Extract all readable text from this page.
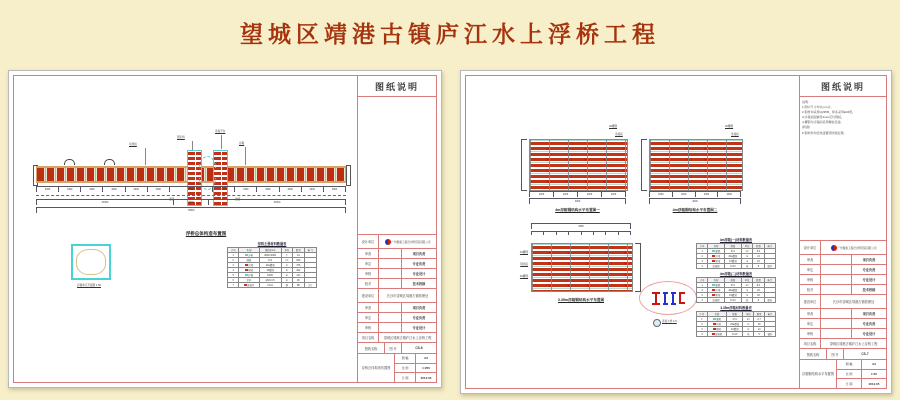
望城区靖港古镇庐江水上浮桥工程
系缆桩
钢引桥
连接平台
浮箱
锚链	锚链
3300	3300	3300	3300	3300	3300	7500	3300	3300	3300	3300	3300	3300
31500	7500	31500
70500
浮桥总体构造布置图
浮箱单元平面图 1:50
浮桥主要材料数量表
序号	名 称	规格(mm)	单位	数量	备 注
1	浮箱	4000×2000	个	44	
2	面板	δ=4	m²	528	
3	纵梁	20a槽钢	m	376	
4	横梁	10槽钢	m	292	
5	护舷	D200	m	141	
6	栏杆	φ60×3.5	m	96	
7	连接件	δ=10	套	88	合计
图纸说明
设计单位	广州船舶工程设计研究院有限公司
审查	项目负责
审定	专业负责
审核	专业设计
校对	技术校核
建设单位	长沙市望城区靖港古镇管理处
审查	项目负责
审定	专业负责
审核	专业设计
项目名称	望城区靖港古镇庐江水上浮桥工程
图纸名称	图 号	CS-6
浮桥总体构造布置图
图 幅	A3
比 例	1:250
日 期	2012.05
20槽钢
连接板
1000	1000	1000	1000
4000
4m浮箱钢结构水平布置图一
20槽钢
连接板
1000	1000	1000	1000
4000
4m浮箱钢结构水平布置图二
3350
10槽钢
钢连板
20槽钢
3.35m浮箱钢结构水平布置图
连接大样 1:5
4m浮箱(一)材料数量表
序号	名称	规格	单位	数量	备注
1	面板	δ=4	m²	8.0	
2	纵梁	20a槽钢	m	24	
3	横梁	10槽钢	m	16	
4	连接板	δ=10	块	8	镀锌
4m浮箱(二)材料数量表
序号	名称	规格	单位	数量	备注
1	面板	δ=4	m²	8.0	
2	纵梁	20a槽钢	m	26	
3	横梁	10槽钢	m	18	
4	连接板	δ=10	块	8	镀锌
3.35m浮箱材料数量表
序号	名称	规格	单位	数量	备注
1	面板	δ=4	m²	6.7	
2	纵梁	20a槽钢	m	20	
3	横梁	10槽钢	m	14	
4	连接板	δ=10	块	6	镀锌
图纸说明
说明:
1.图中尺寸均以mm计。
2.钢材均采用Q235B，焊条采用E43型。
3.浮箱顶面铺设4mm花纹钢板。
4.槽钢与浮箱间采用螺栓连接。
(防腐)
5.钢构件均需热浸镀锌防腐处理。
设计单位	广州船舶工程设计研究院有限公司
审查	项目负责
审定	专业负责
审核	专业设计
校对	技术校核
建设单位	长沙市望城区靖港古镇管理处
审查	项目负责
审定	专业负责
审核	专业设计
项目名称	望城区靖港古镇庐江水上浮桥工程
图纸名称	图 号	CS-7
浮箱钢结构水平布置图
图 幅	A3
比 例	1:50
日 期	2012.05
